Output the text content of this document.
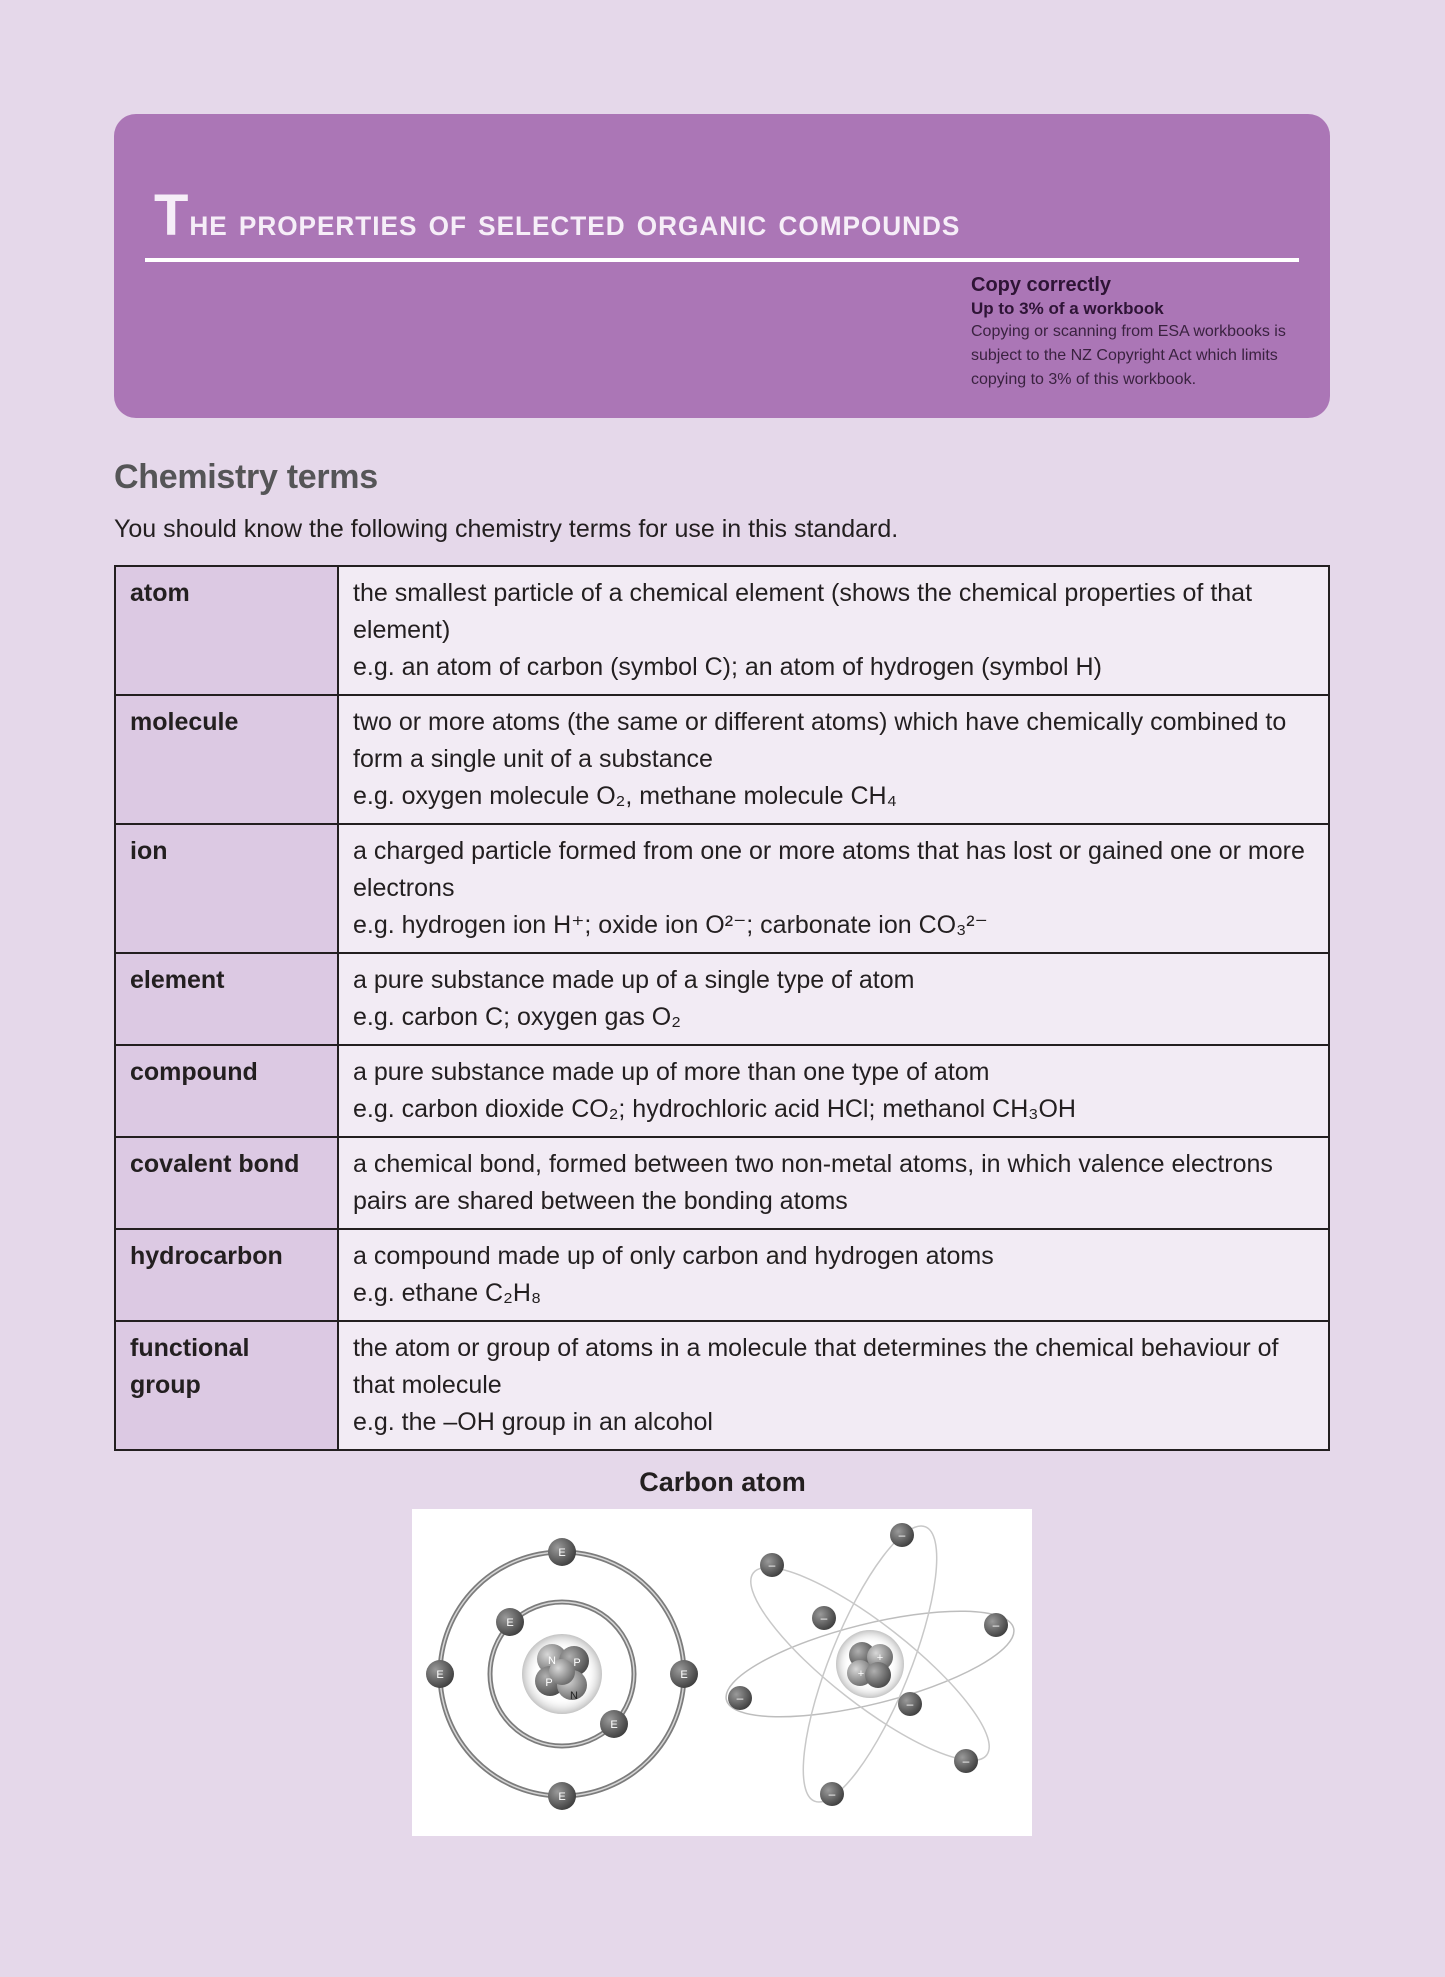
The properties of selected organic compounds
Copy correctly
Up to 3% of a workbook
Copying or scanning from ESA workbooks is subject to the NZ Copyright Act which limits copying to 3% of this workbook.
Chemistry terms
You should know the following chemistry terms for use in this standard.
atom	the smallest particle of a chemical element (shows the chemical properties of that element)
e.g. an atom of carbon (symbol C); an atom of hydrogen (symbol H)

molecule	two or more atoms (the same or different atoms) which have chemically combined to form a single unit of a substance
e.g. oxygen molecule O₂, methane molecule CH₄

ion	a charged particle formed from one or more atoms that has lost or gained one or more electrons
e.g. hydrogen ion H⁺; oxide ion O²⁻; carbonate ion CO₃²⁻

element	a pure substance made up of a single type of atom
e.g. carbon C; oxygen gas O₂

compound	a pure substance made up of more than one type of atom
e.g. carbon dioxide CO₂; hydrochloric acid HCl; methanol CH₃OH

covalent bond	a chemical bond, formed between two non-metal atoms, in which valence electrons pairs are shared between the bonding atoms

hydrocarbon	a compound made up of only carbon and hydrogen atoms
e.g. ethane C₂H₈

functional group	the atom or group of atoms in a molecule that determines the chemical behaviour of that molecule
e.g. the –OH group in an alcohol
Carbon atom
N P
P
N
E
E
E	E
E
E
+
+
–
–
–	–
–	–
–
–
